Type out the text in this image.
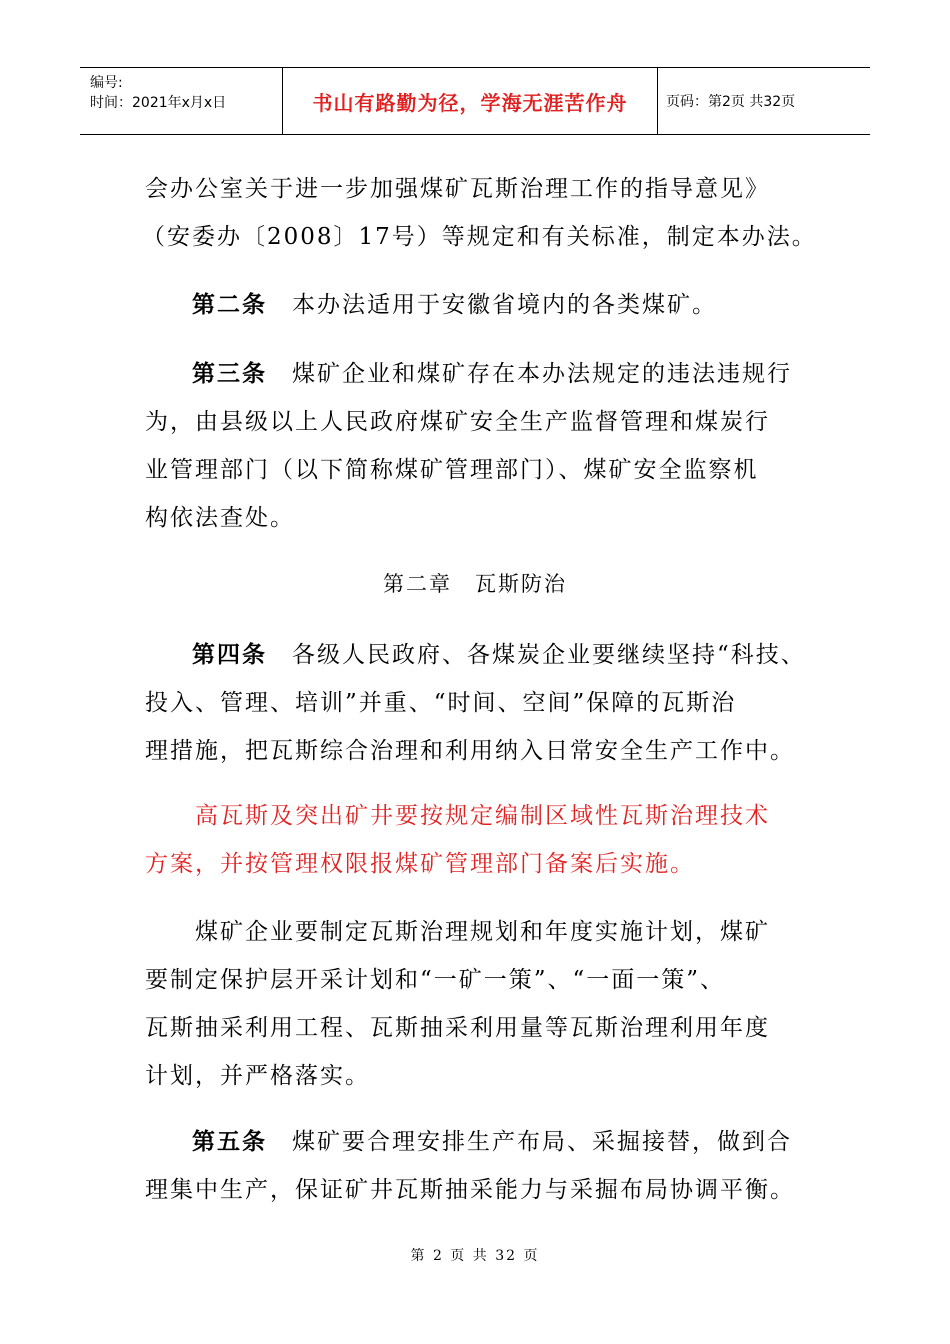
编号:
时间：2021年x月x日	书山有路勤为径，学海无涯苦作舟	页码：第2页 共32页
会办公室关于进一步加强煤矿瓦斯治理工作的指导意见》
（安委办〔2008〕17号）等规定和有关标准，制定本办法。
第二条　 本办法适用于安徽省境内的各类煤矿。
第三条　 煤矿企业和煤矿存在本办法规定的违法违规行
为，由县级以上人民政府煤矿安全生产监督管理和煤炭行
业管理部门（以下简称煤矿管理部门）、煤矿安全监察机
构依法查处。
第二章　瓦斯防治
第四条　 各级人民政府、各煤炭企业要继续坚持“科技、
投入、管理、培训”并重、“时间、空间”保障的瓦斯治
理措施，把瓦斯综合治理和利用纳入日常安全生产工作中。
高瓦斯及突出矿井要按规定编制区域性瓦斯治理技术
方案，并按管理权限报煤矿管理部门备案后实施。
煤矿企业要制定瓦斯治理规划和年度实施计划，煤矿
要制定保护层开采计划和“一矿一策”、“一面一策”、
瓦斯抽采利用工程、瓦斯抽采利用量等瓦斯治理利用年度
计划，并严格落实。
第五条　 煤矿要合理安排生产布局、采掘接替，做到合
理集中生产，保证矿井瓦斯抽采能力与采掘布局协调平衡。
第 2 页 共 32 页
